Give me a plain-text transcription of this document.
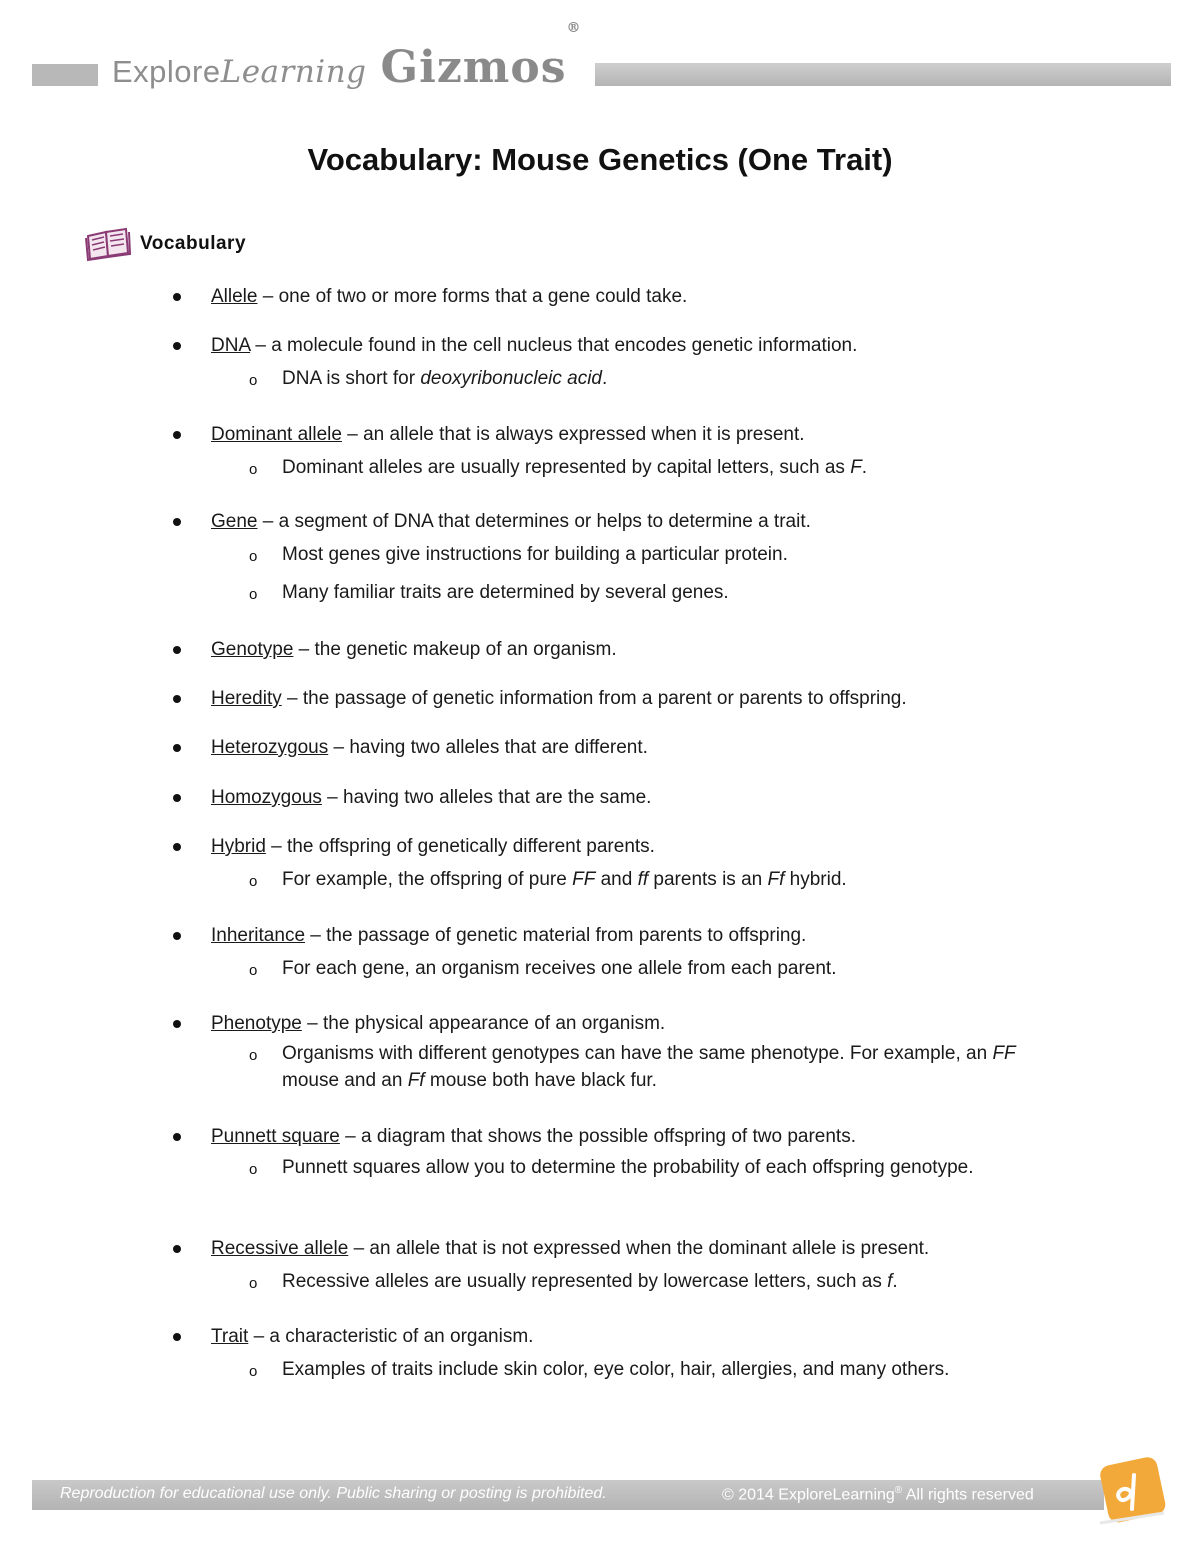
ExploreLearning Gizmos®
Vocabulary: Mouse Genetics (One Trait)
Vocabulary
Allele – one of two or more forms that a gene could take.
DNA – a molecule found in the cell nucleus that encodes genetic information.
o DNA is short for deoxyribonucleic acid.
Dominant allele – an allele that is always expressed when it is present.
o Dominant alleles are usually represented by capital letters, such as F.
Gene – a segment of DNA that determines or helps to determine a trait.
o Most genes give instructions for building a particular protein.
o Many familiar traits are determined by several genes.
Genotype – the genetic makeup of an organism.
Heredity – the passage of genetic information from a parent or parents to offspring.
Heterozygous – having two alleles that are different.
Homozygous – having two alleles that are the same.
Hybrid – the offspring of genetically different parents.
o For example, the offspring of pure FF and ff parents is an Ff hybrid.
Inheritance – the passage of genetic material from parents to offspring.
o For each gene, an organism receives one allele from each parent.
Phenotype – the physical appearance of an organism.
o Organisms with different genotypes can have the same phenotype. For example, an FF mouse and an Ff mouse both have black fur.
Punnett square – a diagram that shows the possible offspring of two parents.
o Punnett squares allow you to determine the probability of each offspring genotype.
Recessive allele – an allele that is not expressed when the dominant allele is present.
o Recessive alleles are usually represented by lowercase letters, such as f.
Trait – a characteristic of an organism.
o Examples of traits include skin color, eye color, hair, allergies, and many others.
Reproduction for educational use only. Public sharing or posting is prohibited.	© 2014 ExploreLearning® All rights reserved
